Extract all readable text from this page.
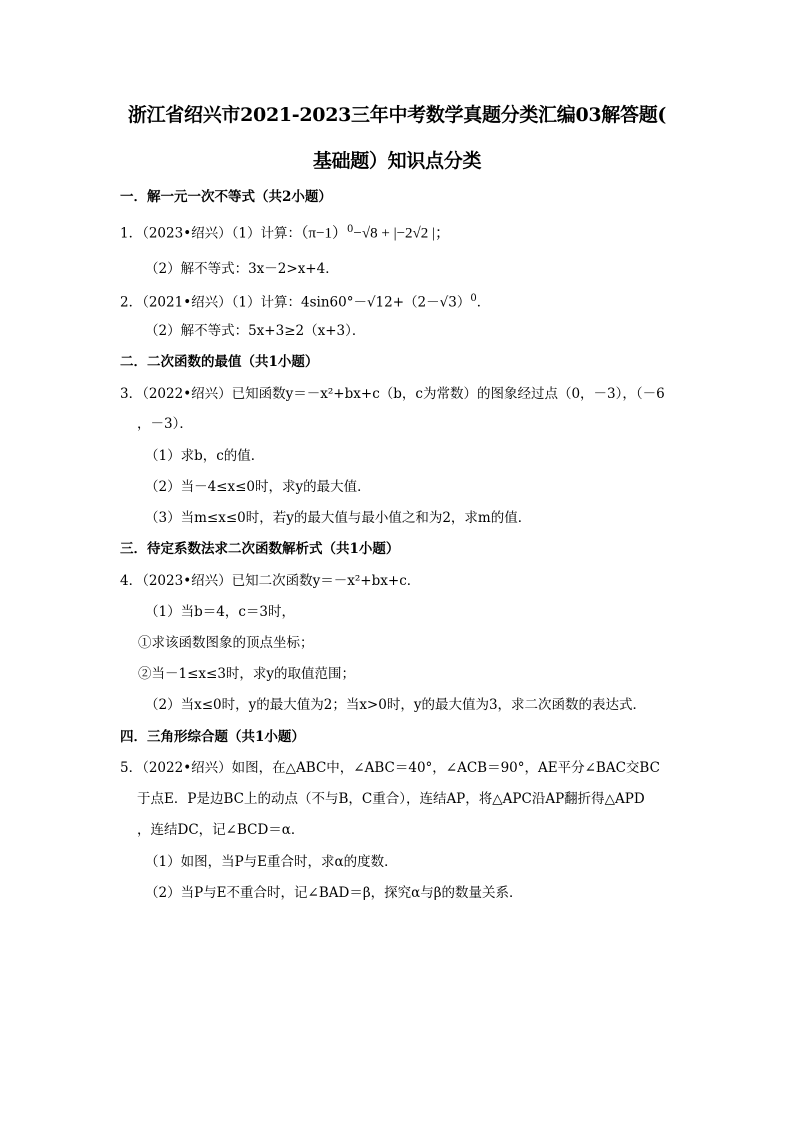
浙江省绍兴市2021-2023三年中考数学真题分类汇编03解答题(
基础题）知识点分类
一．解一元一次不等式（共2小题）
1．（2023•绍兴）（1）计算：$(\pi-1)^0-√8 + |-2√2$ |；
（2）解不等式：3x－2>x+4．
2．（2021•绍兴）（1）计算：$4\sin 60^\circ-√12+(2-√3)^0$．
（2）解不等式：5x+3≥2（x+3）．
二．二次函数的最值（共1小题）
3．（2022•绍兴）已知函数y＝－x²+bx+c（b，c为常数）的图象经过点（0，－3），（－6
，－3）．
（1）求b，c的值．
（2）当－4≤x≤0时，求y的最大值．
（3）当m≤x≤0时，若y的最大值与最小值之和为2，求m的值．
三．待定系数法求二次函数解析式（共1小题）
4．（2023•绍兴）已知二次函数y＝－x²+bx+c．
（1）当b＝4，c＝3时，
①求该函数图象的顶点坐标；
②当－1≤x≤3时，求y的取值范围；
（2）当x≤0时，y的最大值为2；当x>0时，y的最大值为3，求二次函数的表达式．
四．三角形综合题（共1小题）
5．（2022•绍兴）如图，在△ABC中，∠ABC＝40°，∠ACB＝90°，AE平分∠BAC交BC
于点E．P是边BC上的动点（不与B，C重合），连结AP，将△APC沿AP翻折得△APD
，连结DC，记∠BCD＝α．
（1）如图，当P与E重合时，求α的度数．
（2）当P与E不重合时，记∠BAD＝β，探究α与β的数量关系．
